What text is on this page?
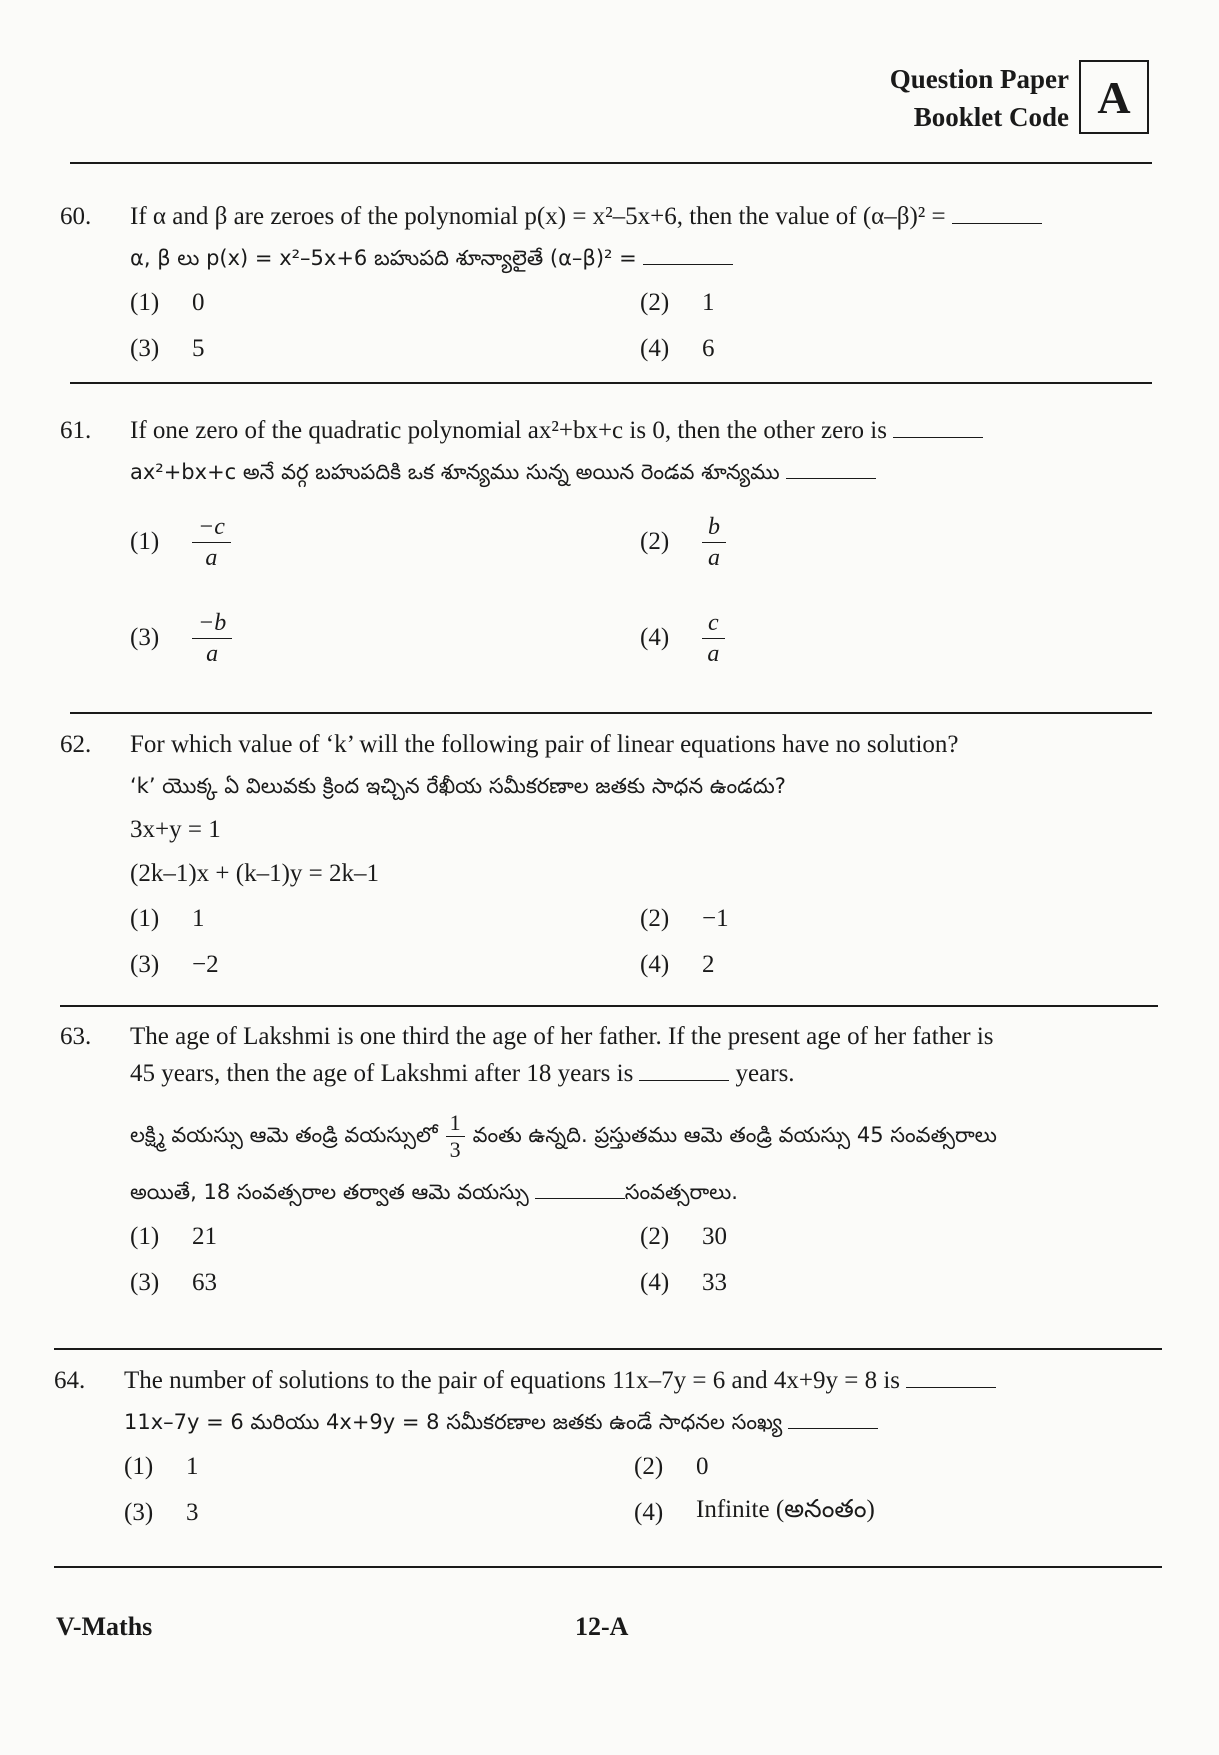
Question Paper
Booklet Code A
60.	If α and β are zeroes of the polynomial p(x) = x²–5x+6, then the value of (α–β)² =
α, β లు p(x) = x²–5x+6 బహుపది శూన్యాలైతే (α–β)² =
(1)	0	(2)	1
(3)	5	(4)	6
61.	If one zero of the quadratic polynomial ax²+bx+c is 0, then the other zero is
ax²+bx+c అనే వర్గ బహుపదికి ఒక శూన్యము సున్న అయిన రెండవ శూన్యము
(1)	$\frac{-c}{a}$	(2)	$\frac{b}{a}$
(3)	$\frac{-b}{a}$	(4)	$\frac{c}{a}$
62.	For which value of ‘k’ will the following pair of linear equations have no solution?
‘k’ యొక్క ఏ విలువకు క్రింద ఇచ్చిన రేఖీయ సమీకరణాల జతకు సాధన ఉండదు?
3x+y = 1
(2k–1)x + (k–1)y = 2k–1
(1)	1	(2)	−1
(3)	−2	(4)	2
63.	The age of Lakshmi is one third the age of her father. If the present age of her father is
45 years, then the age of Lakshmi after 18 years is	years.
లక్ష్మి వయస్సు ఆమె తండ్రి వయస్సులో $\frac{1}{3}$ వంతు ఉన్నది. ప్రస్తుతము ఆమె తండ్రి వయస్సు 45 సంవత్సరాలు
అయితే, 18 సంవత్సరాల తర్వాత ఆమె వయస్సు	సంవత్సరాలు.
(1)	21	(2)	30
(3)	63	(4)	33
64.	The number of solutions to the pair of equations 11x–7y = 6 and 4x+9y = 8 is
11x–7y = 6 మరియు 4x+9y = 8 సమీకరణాల జతకు ఉండే సాధనల సంఖ్య
(1)	1	(2)	0
(3)	3	(4)	Infinite (అనంతం)
V-Maths	12-A
